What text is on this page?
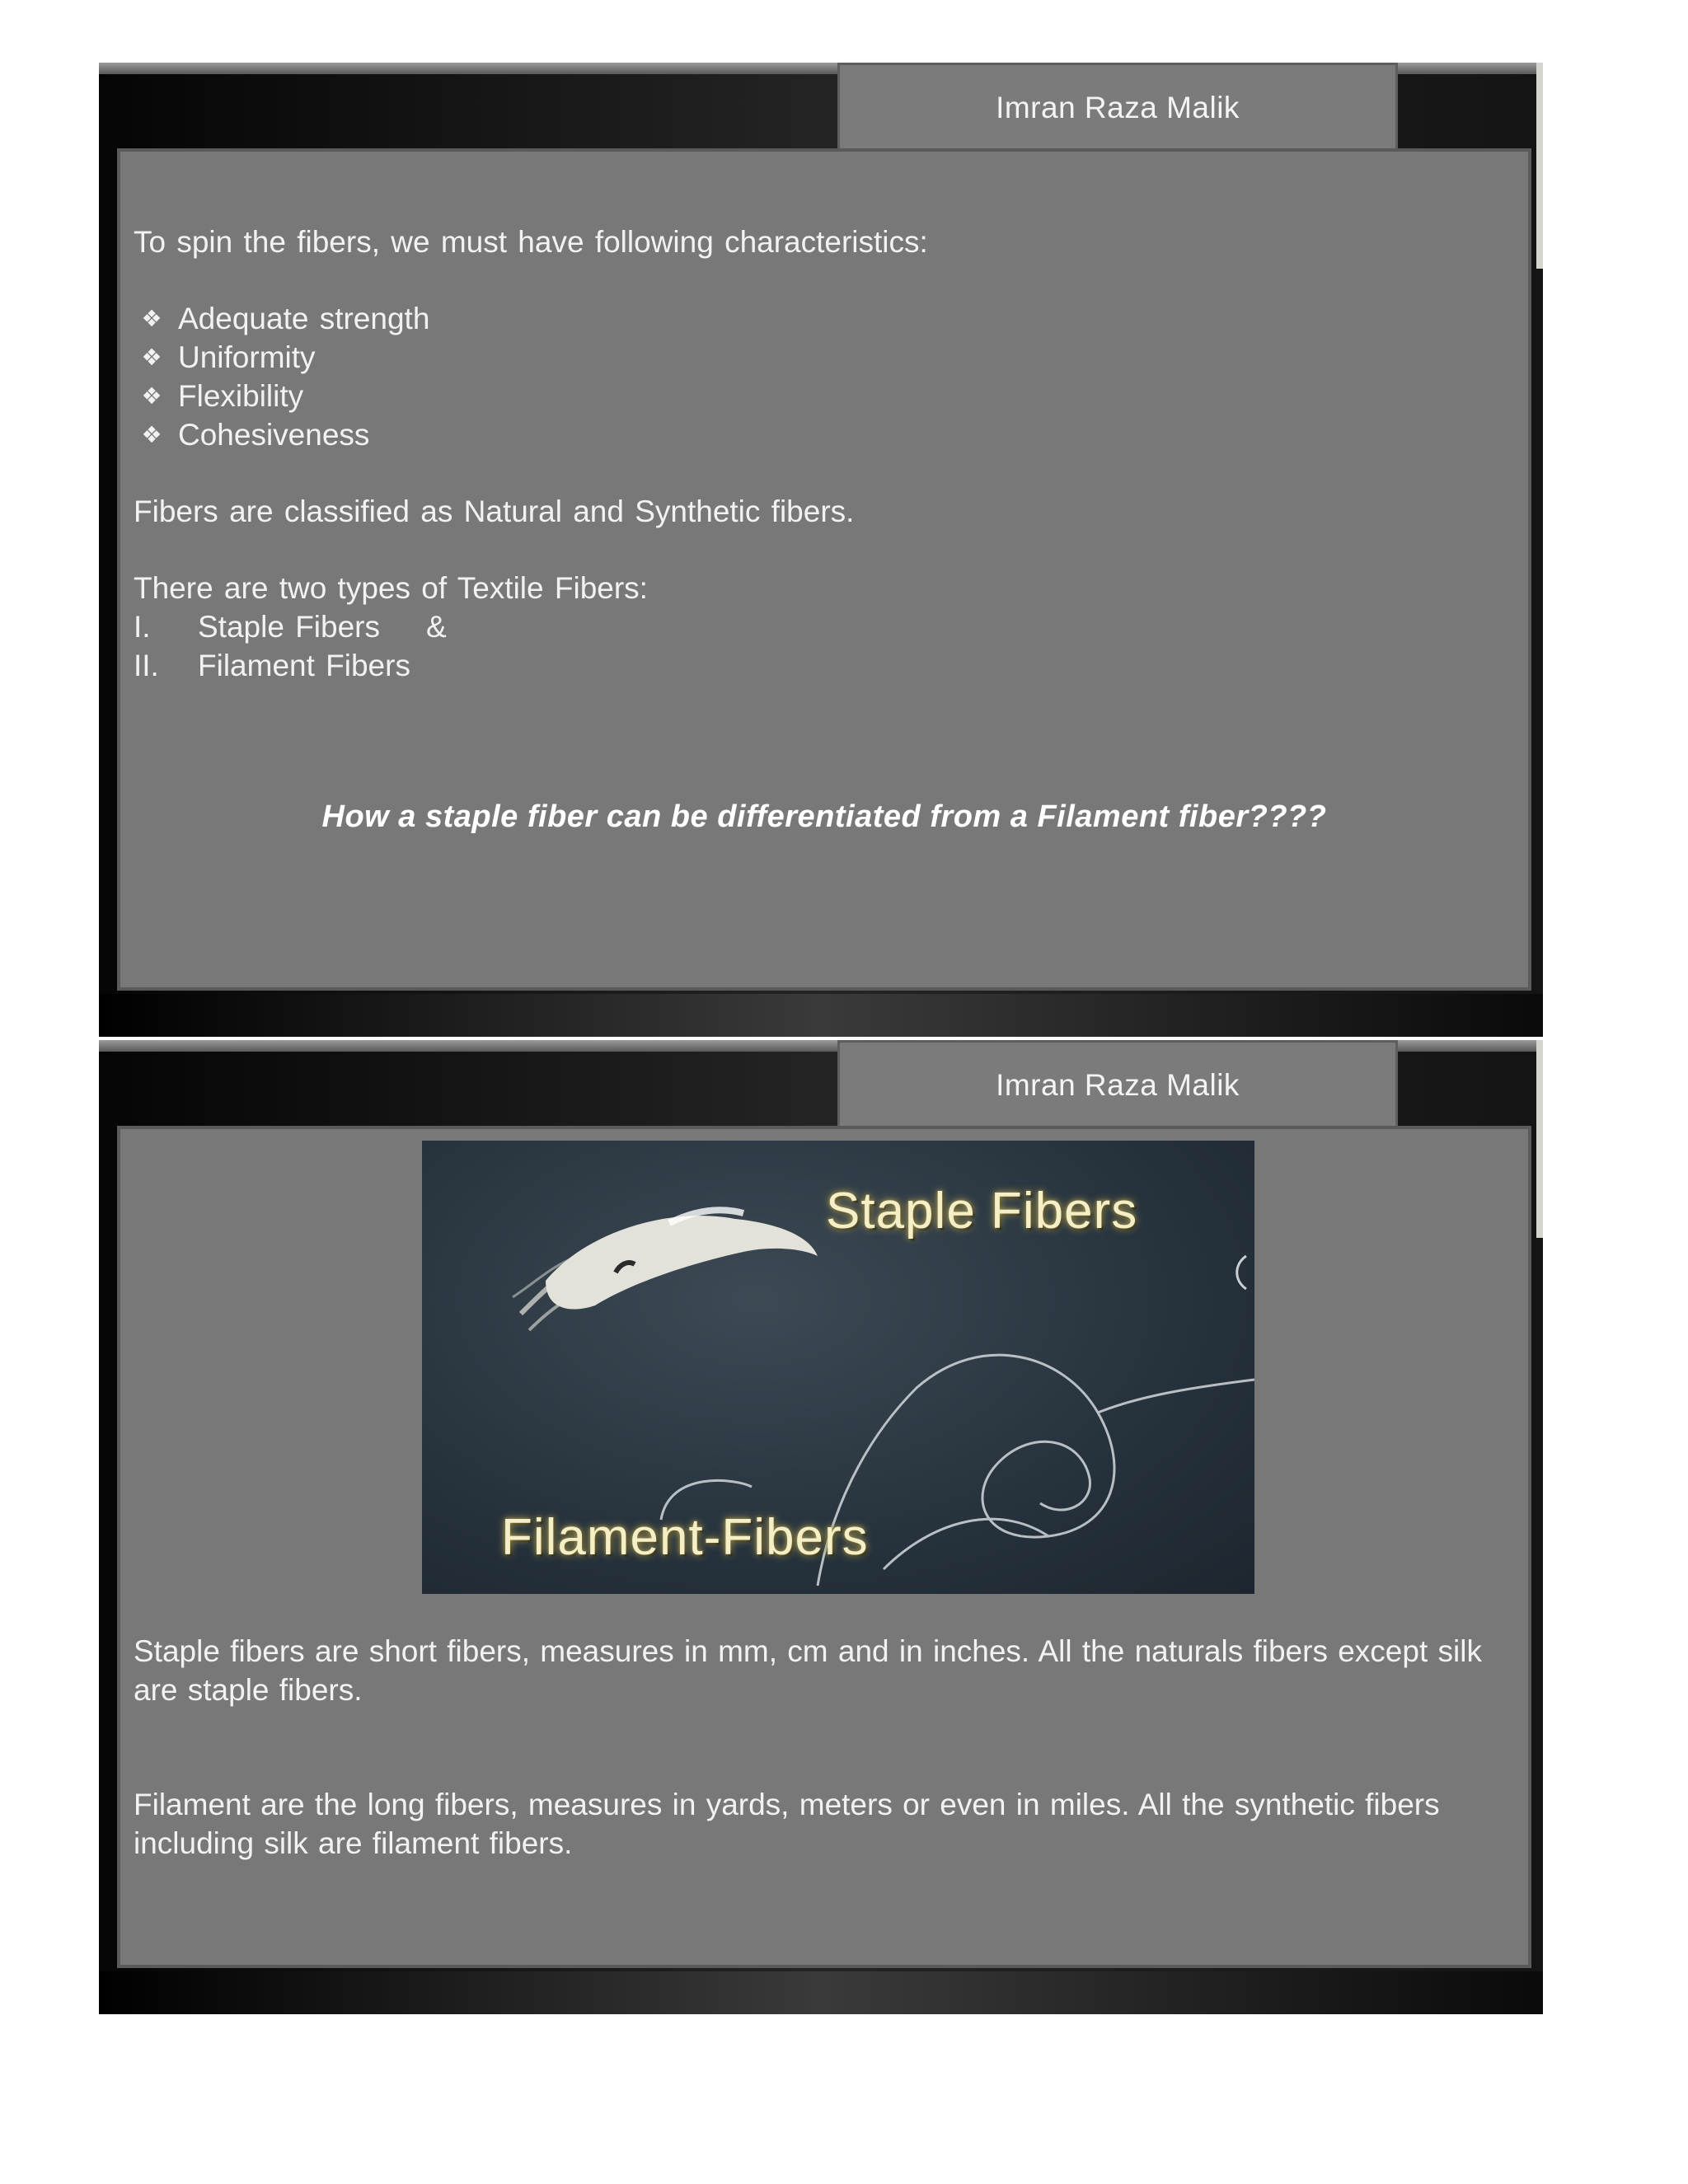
Imran Raza Malik

To spin the fibers, we must have following characteristics:

❖ Adequate strength
❖ Uniformity
❖ Flexibility
❖ Cohesiveness

Fibers are classified as Natural and Synthetic fibers.

There are two types of Textile Fibers:

I.	Staple Fibers &
II.	Filament Fibers
How a staple fiber can be differentiated from a Filament fiber????
Imran Raza Malik
Staple Fibers
Filament-Fibers

Staple fibers are short fibers, measures in mm, cm and in inches. All the naturals fibers except silk are staple fibers.

Filament are the long fibers, measures in yards, meters or even in miles. All the synthetic fibers including silk are filament fibers.
